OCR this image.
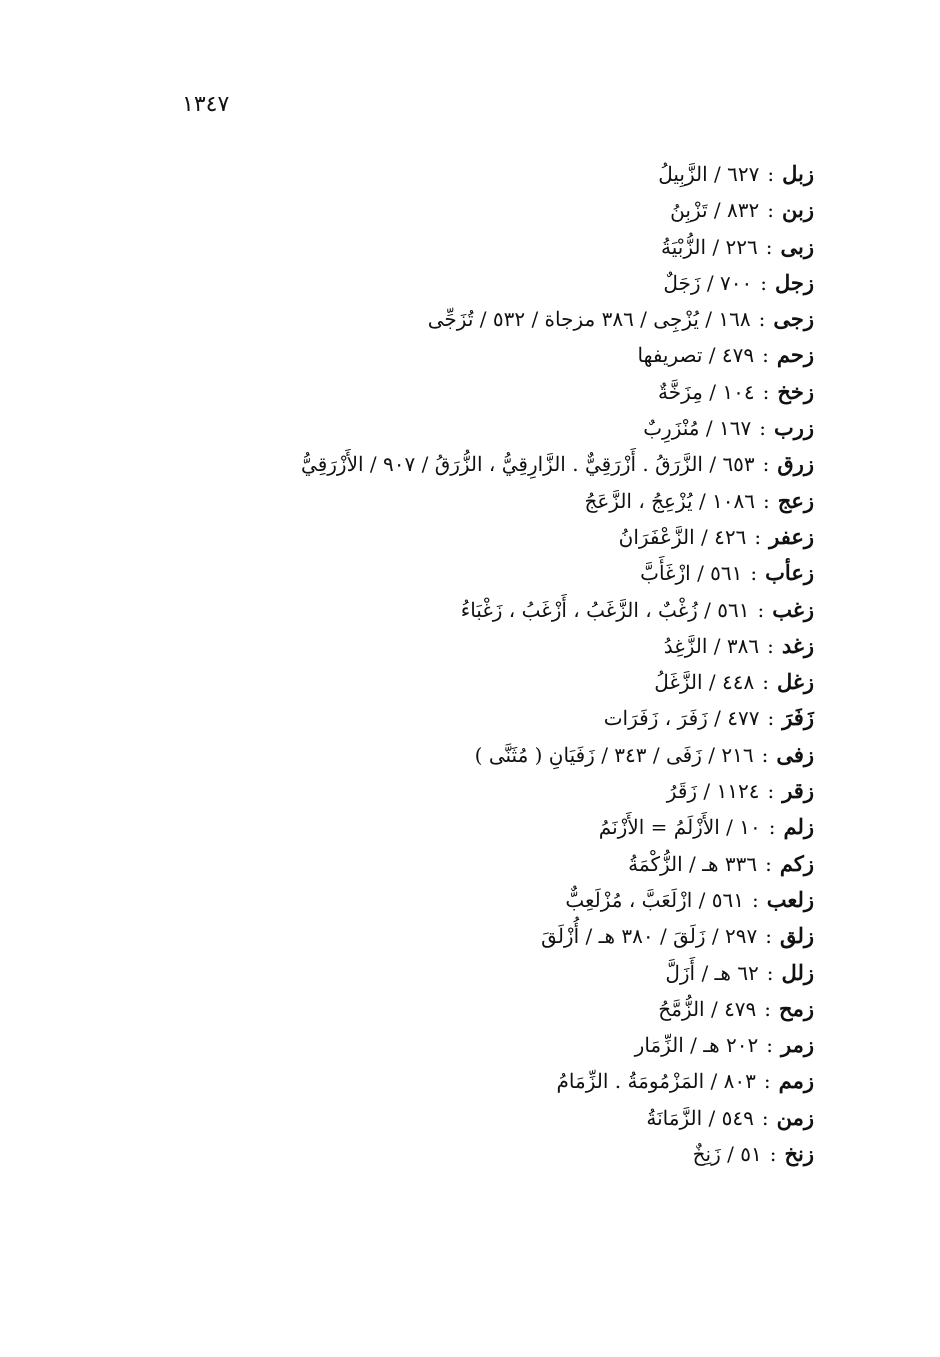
١٣٤٧
زبل:٦٢٧ / الزَّبِيلُ
زبن:٨٣٢ / تَزْبِنُ
زبى:٢٢٦ / الزُّبْيَةُ
زجل:٧٠٠ / زَجَلٌ
زجى:١٦٨ / يُزْجِى / ٣٨٦ مزجاة / ٥٣٢ / تُزَجِّى
زحم:٤٧٩ / تصريفها
زخخ:١٠٤ / مِزَخَّةٌ
زرب:١٦٧ / مُنْزَرِبٌ
زرق:٦٥٣ / الزَّرَقُ . أَزْرَقِيٌّ . الزَّارِقِيُّ ، الزُّرَقُ / ٩٠٧ / الأَزْرَقِيُّ
زعج:١٠٨٦ / يُزْعِجُ ، الزَّعَجُ
زعفر:٤٢٦ / الزَّعْفَرَانُ
زعأب:٥٦١ / ازْغَأَبَّ
زغب:٥٦١ / زُغْبٌ ، الزَّغَبُ ، أَزْغَبُ ، زَغْبَاءُ
زغد:٣٨٦ / الزَّغِدُ
زغل:٤٤٨ / الزَّغَلُ
زَفَرَ:٤٧٧ / زَفَرَ ، زَفَرَات
زفى:٢١٦ / زَفَى / ٣٤٣ / زَفَيَانِ ( مُثَنَّى )
زقر:١١٢٤ / زَقَرُ
زلم:١٠ / الأَزْلَمُ = الأَزْنَمُ
زكم:٣٣٦ هـ / الزُّكْمَةُ
زلعب:٥٦١ / ازْلَعَبَّ ، مُزْلَعِبٌّ
زلق:٢٩٧ / زَلَقَ / ٣٨٠ هـ / أُزْلَقَ
زلل:٦٢ هـ / أَزَلَّ
زمح:٤٧٩ / الزُّمَّحُ
زمر:٢٠٢ هـ / الزِّمَار
زمم:٨٠٣ / المَزْمُومَةُ . الزِّمَامُ
زمن:٥٤٩ / الزَّمَانَةُ
زنخ:٥١ / زَنِخٌ
